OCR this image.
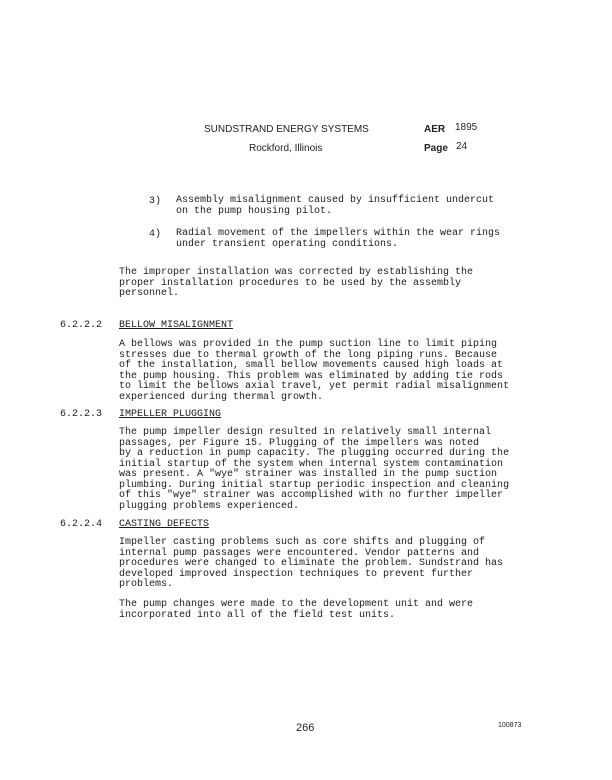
SUNDSTRAND ENERGY SYSTEMS	AER 1895
Rockford, Illinois	Page 24
3) Assembly misalignment caused by insufficient undercut
on the pump housing pilot.
4) Radial movement of the impellers within the wear rings
under transient operating conditions.
The improper installation was corrected by establishing the
proper installation procedures to be used by the assembly
personnel.
6.2.2.2 BELLOW MISALIGNMENT
A bellows was provided in the pump suction line to limit piping
stresses due to thermal growth of the long piping runs. Because
of the installation, small bellow movements caused high loads at
the pump housing. This problem was eliminated by adding tie rods
to limit the bellows axial travel, yet permit radial misalignment
experienced during thermal growth.
6.2.2.3 IMPELLER PLUGGING
The pump impeller design resulted in relatively small internal
passages, per Figure 15. Plugging of the impellers was noted
by a reduction in pump capacity. The plugging occurred during the
initial startup of the system when internal system contamination
was present. A "wye" strainer was installed in the pump suction
plumbing. During initial startup periodic inspection and cleaning
of this "wye" strainer was accomplished with no further impeller
plugging problems experienced.
6.2.2.4 CASTING DEFECTS
Impeller casting problems such as core shifts and plugging of
internal pump passages were encountered. Vendor patterns and
procedures were changed to eliminate the problem. Sundstrand has
developed improved inspection techniques to prevent further
problems.
The pump changes were made to the development unit and were
incorporated into all of the field test units.
266	100873
